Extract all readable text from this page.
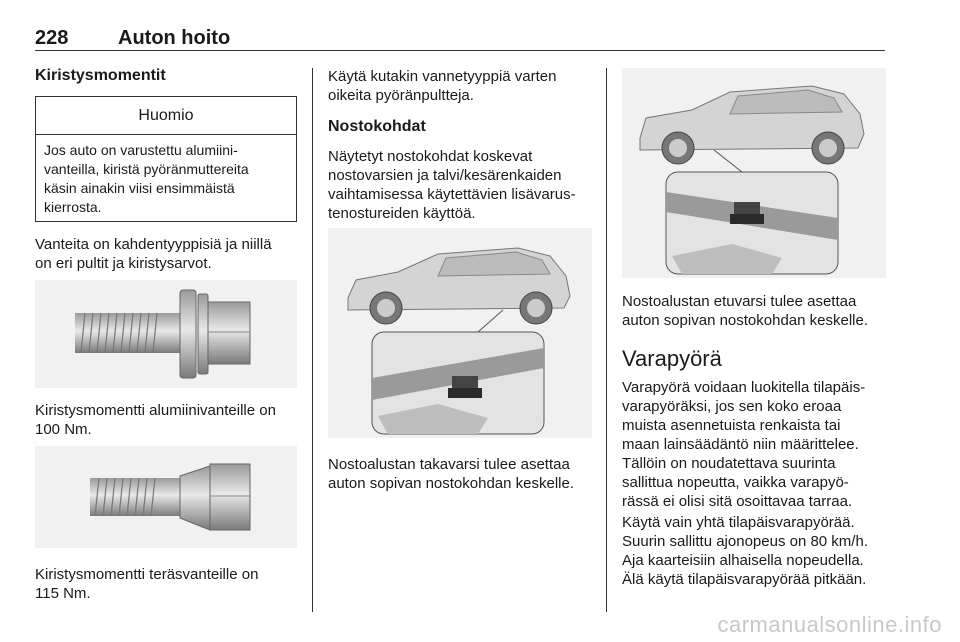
228 Auton hoito
Kiristysmomentit
Huomio
Jos auto on varustettu alumiini-
vanteilla, kiristä pyöränmuttereita
käsin ainakin viisi ensimmäistä
kierrosta.
Vanteita on kahdentyyppisiä ja niillä
on eri pultit ja kiristysarvot.
Kiristysmomentti alumiinivanteille on
100 Nm.
Kiristysmomentti teräsvanteille on
115 Nm.
Käytä kutakin vannetyyppiä varten
oikeita pyöränpultteja.
Nostokohdat
Näytetyt nostokohdat koskevat
nostovarsien ja talvi/kesärenkaiden
vaihtamisessa käytettävien lisävarus-
tenostureiden käyttöä.
Nostoalustan takavarsi tulee asettaa
auton sopivan nostokohdan keskelle.
Nostoalustan etuvarsi tulee asettaa
auton sopivan nostokohdan keskelle.
Varapyörä
Varapyörä voidaan luokitella tilapäis-
varapyöräksi, jos sen koko eroaa
muista asennetuista renkaista tai
maan lainsäädäntö niin määrittelee.
Tällöin on noudatettava suurinta
sallittua nopeutta, vaikka varapyö-
rässä ei olisi sitä osoittavaa tarraa.
Käytä vain yhtä tilapäisvarapyörää.
Suurin sallittu ajonopeus on 80 km/h.
Aja kaarteisiin alhaisella nopeudella.
Älä käytä tilapäisvarapyörää pitkään.
carmanualsonline.info
